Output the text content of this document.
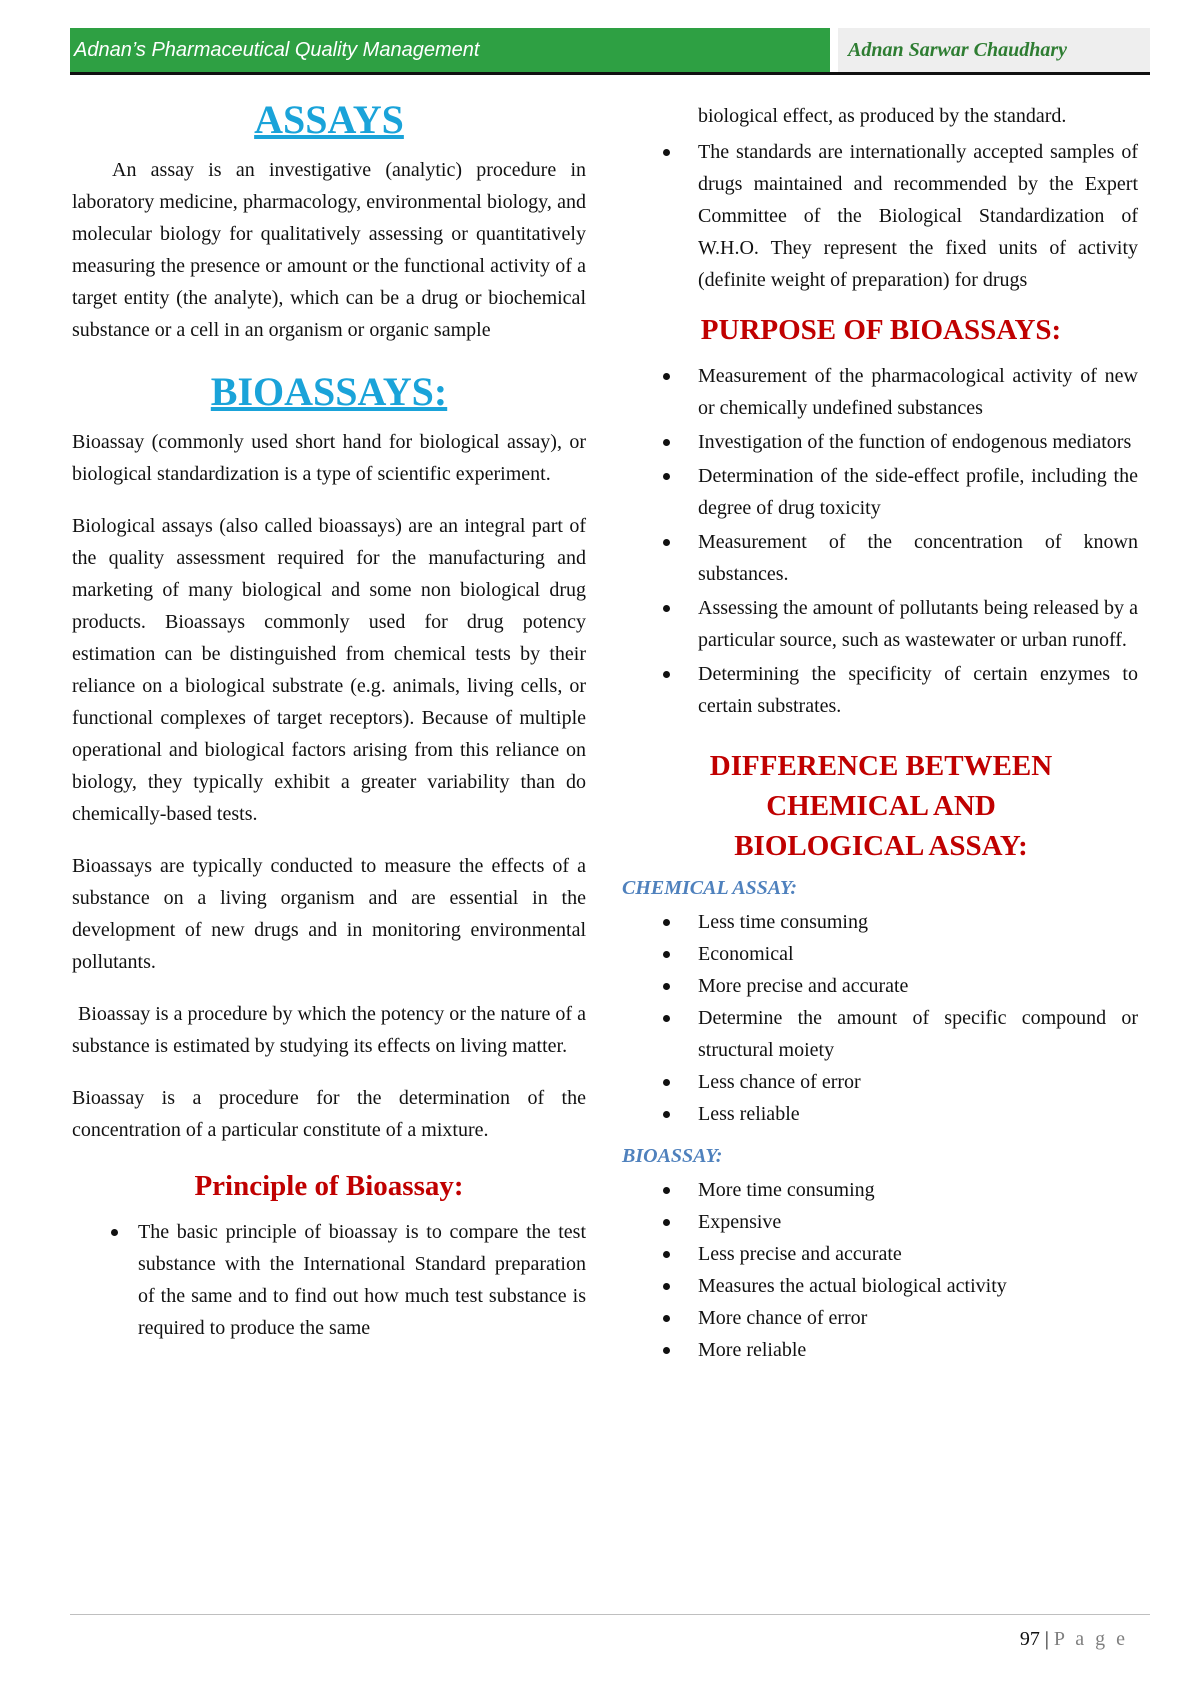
Adnan’s Pharmaceutical Quality Management	Adnan Sarwar Chaudhary
ASSAYS

An assay is an investigative (analytic) procedure in laboratory medicine, pharmacology, environmental biology, and molecular biology for qualitatively assessing or quantitatively measuring the presence or amount or the functional activity of a target entity (the analyte), which can be a drug or biochemical substance or a cell in an organism or organic sample

BIOASSAYS:

Bioassay (commonly used short hand for biological assay), or biological standardization is a type of scientific experiment.

Biological assays (also called bioassays) are an integral part of the quality assessment required for the manufacturing and marketing of many biological and some non biological drug products. Bioassays commonly used for drug potency estimation can be distinguished from chemical tests by their reliance on a biological substrate (e.g. animals, living cells, or functional complexes of target receptors). Because of multiple operational and biological factors arising from this reliance on biology, they typically exhibit a greater variability than do chemically-based tests.

Bioassays are typically conducted to measure the effects of a substance on a living organism and are essential in the development of new drugs and in monitoring environmental pollutants.

Bioassay is a procedure by which the potency or the nature of a substance is estimated by studying its effects on living matter.

Bioassay is a procedure for the determination of the concentration of a particular constitute of a mixture.

Principle of Bioassay:
The basic principle of bioassay is to compare the test substance with the International Standard preparation of the same and to find out how much test substance is required to produce the same

biological effect, as produced by the standard.

The standards are internationally accepted samples of drugs maintained and recommended by the Expert Committee of the Biological Standardization of W.H.O. They represent the fixed units of activity (definite weight of preparation) for drugs
PURPOSE OF BIOASSAYS:
Measurement of the pharmacological activity of new or chemically undefined substances
Investigation of the function of endogenous mediators
Determination of the side-effect profile, including the degree of drug toxicity
Measurement of the concentration of known substances.
Assessing the amount of pollutants being released by a particular source, such as wastewater or urban runoff.
Determining the specificity of certain enzymes to certain substrates.
DIFFERENCE BETWEEN
CHEMICAL AND
BIOLOGICAL ASSAY:
CHEMICAL ASSAY:
Less time consuming
Economical
More precise and accurate
Determine the amount of specific compound or structural moiety
Less chance of error
Less reliable
BIOASSAY:
More time consuming
Expensive
Less precise and accurate
Measures the actual biological activity
More chance of error
More reliable
97 | P a g e
